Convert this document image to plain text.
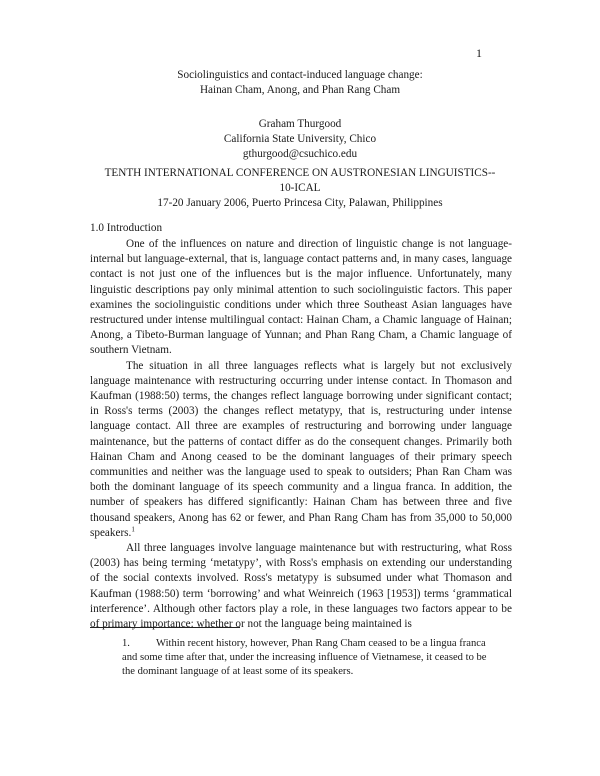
1
Sociolinguistics and contact-induced language change:
Hainan Cham, Anong, and Phan Rang Cham
Graham Thurgood
California State University, Chico
gthurgood@csuchico.edu
TENTH INTERNATIONAL CONFERENCE ON AUSTRONESIAN LINGUISTICS--
10-ICAL
17-20 January 2006, Puerto Princesa City, Palawan, Philippines
1.0 Introduction

One of the influences on nature and direction of linguistic change is not language-internal but language-external, that is, language contact patterns and, in many cases, language contact is not just one of the influences but is the major influence. Unfortunately, many linguistic descriptions pay only minimal attention to such sociolinguistic factors. This paper examines the sociolinguistic conditions under which three Southeast Asian languages have restructured under intense multilingual contact: Hainan Cham, a Chamic language of Hainan; Anong, a Tibeto-Burman language of Yunnan; and Phan Rang Cham, a Chamic language of southern Vietnam.

The situation in all three languages reflects what is largely but not exclusively language maintenance with restructuring occurring under intense contact. In Thomason and Kaufman (1988:50) terms, the changes reflect language borrowing under significant contact; in Ross's terms (2003) the changes reflect metatypy, that is, restructuring under intense language contact. All three are examples of restructuring and borrowing under language maintenance, but the patterns of contact differ as do the consequent changes. Primarily both Hainan Cham and Anong ceased to be the dominant languages of their primary speech communities and neither was the language used to speak to outsiders; Phan Ran Cham was both the dominant language of its speech community and a lingua franca. In addition, the number of speakers has differed significantly: Hainan Cham has between three and five thousand speakers, Anong has 62 or fewer, and Phan Rang Cham has from 35,000 to 50,000 speakers.$^1$

All three languages involve language maintenance but with restructuring, what Ross (2003) has being terming ‘metatypy’, with Ross's emphasis on extending our understanding of the social contexts involved. Ross's metatypy is subsumed under what Thomason and Kaufman (1988:50) term ‘borrowing’ and what Weinreich (1963 [1953]) terms ‘grammatical interference’. Although other factors play a role, in these languages two factors appear to be of primary importance: whether or not the language being maintained is

1. Within recent history, however, Phan Rang Cham ceased to be a lingua franca and some time after that, under the increasing influence of Vietnamese, it ceased to be the dominant language of at least some of its speakers.
